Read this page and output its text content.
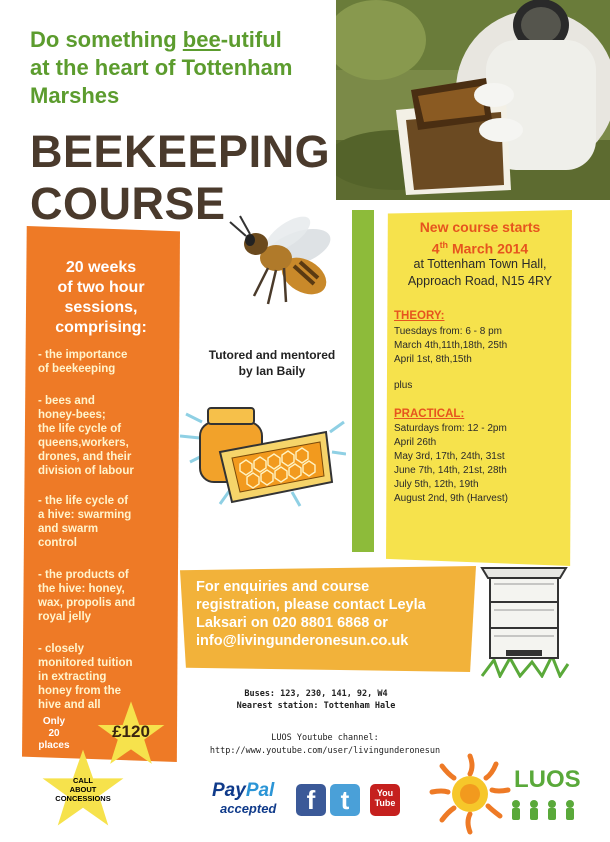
Do something bee-utiful
at the heart of Tottenham
Marshes
BEEKEEPING
COURSE
20 weeks
of two hour
sessions,
comprising:
- the importance
of beekeeping
- bees and
honey-bees;
the life cycle of
queens,workers,
drones, and their
division of labour
- the life cycle of
a hive: swarming
and swarm
control
- the products of
the hive: honey,
wax, propolis and
royal jelly
- closely
monitored tuition
in extracting
honey from the
hive and all
Only
20
places
£120
CALL
ABOUT
CONCESSIONS
Tutored and mentored
by Ian Baily
New course starts
4th March 2014
at Tottenham Town Hall,
Approach Road, N15 4RY
THEORY:
Tuesdays from: 6 - 8 pm
March 4th,11th,18th, 25th
April 1st, 8th,15th
plus
PRACTICAL:
Saturdays from: 12 - 2pm
April 26th
May 3rd, 17th, 24th, 31st
June 7th, 14th, 21st, 28th
July 5th, 12th, 19th
August 2nd, 9th (Harvest)
For enquiries and course
registration, please contact Leyla
Laksari on 020 8801 6868 or
info@livingunderonesun.co.uk
Buses: 123, 230, 141, 92, W4
Nearest station: Tottenham Hale
LUOS Youtube channel:
http://www.youtube.com/user/livingunderonesun
PayPal
accepted	f t	You
Tube
LUOS
